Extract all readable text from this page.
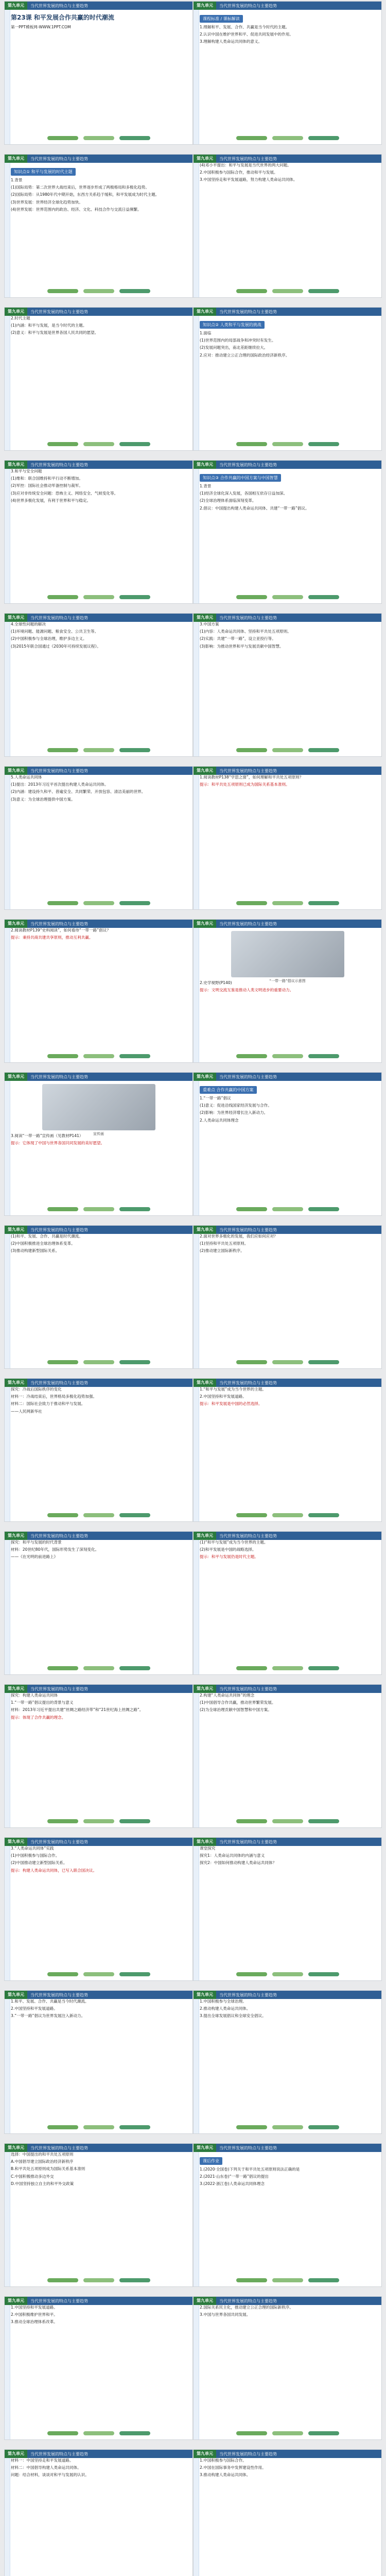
第九单元	当代世界发展的特点与主要趋势
第23课 和平发展合作共赢的时代潮流
第一PPT模板网-WWW.1PPT.COM
第九单元	当代世界发展的特点与主要趋势
课程标准 / 课标解读
1.理解和平、发展、合作、共赢是当今时代的主题。
2.认识中国在维护世界和平、促进共同发展中的作用。
3.理解构建人类命运共同体的意义。
第九单元	当代世界发展的特点与主要趋势
知识点① 和平与发展的时代主题
1.背景
(1)国际局势：第二次世界大战结束后，世界逐步形成了两极格局和多极化趋势。
(2)国际局势：从1980年代中期开始，东西方关系趋于缓和，和平发展成为时代主题。
(3)世界发展：世界经济全球化趋势加快。
(4)世界发展：世界范围内的政治、经济、文化、科技合作与交流日益频繁。
第九单元	当代世界发展的特点与主要趋势
(4)邓小平提出：和平与发展是当代世界的两大问题。
2.中国积极参与国际合作，推动和平与发展。
3.中国坚持走和平发展道路，努力构建人类命运共同体。
第九单元	当代世界发展的特点与主要趋势
2.时代主题
(1)内涵：和平与发展，是当今时代的主题。
(2)意义：和平与发展是世界各国人民共同的愿望。
第九单元	当代世界发展的特点与主要趋势
知识点② 人类和平与发展的挑战
1.面临
(1)世界范围内的局部战争和冲突时有发生。
(2)发展问题突出，南北差距继续拉大。
2.应对：推动建立公正合理的国际政治经济新秩序。
第九单元	当代世界发展的特点与主要趋势
3.和平与安全问题
(1)维和：联合国维持和平行动不断增加。
(2)军控：国际社会推动军备控制与裁军。
(3)应对非传统安全问题：恐怖主义、网络安全、气候变化等。
(4)世界多极化发展，有利于世界和平与稳定。
第九单元	当代世界发展的特点与主要趋势
知识点③ 合作共赢的中国方案与中国智慧
1.背景
(1)经济全球化深入发展，各国相互依存日益加深。
(2)全球治理体系面临深刻变革。
2.倡议：中国提出构建人类命运共同体、共建“一带一路”倡议。
第九单元	当代世界发展的特点与主要趋势
4.全球性问题的解决
(1)环境问题、能源问题、粮食安全、公共卫生等。
(2)中国积极参与全球治理，维护多边主义。
(3)2015年联合国通过《2030年可持续发展议程》。
第九单元	当代世界发展的特点与主要趋势
3.中国方案
(1)内容：人类命运共同体、坚持和平共处五项原则。
(2)实践：共建“一带一路”，设立亚投行等。
(3)影响：为推动世界和平与发展贡献中国智慧。
第九单元	当代世界发展的特点与主要趋势
5.人类命运共同体
(1)提出：2013年习近平首次提出构建人类命运共同体。
(2)内涵：建设持久和平、普遍安全、共同繁荣、开放包容、清洁美丽的世界。
(3)意义：为全球治理提供中国方案。
第九单元	当代世界发展的特点与主要趋势
1.阅读教材P138“学思之窗”，如何理解和平共处五项原则？
提示：和平共处五项原则已成为国际关系基本准则。
第九单元	当代世界发展的特点与主要趋势
2.阅读教材P139“史料阅读”，如何看待“一带一路”倡议？
提示：秉持共商共建共享原则，推动互利共赢。
第九单元	当代世界发展的特点与主要趋势
“一带一路”倡议示意图
2.史学视野(P140)
提示：文明交流互鉴是推动人类文明进步的重要动力。
第九单元	当代世界发展的特点与主要趋势
宣传画
3.阅读“一带一路”宣传画（见教材P141）
提示：它体现了中国与世界各国共同发展的美好愿望。
第九单元	当代世界发展的特点与主要趋势
重难点 合作共赢的中国方案
1.“一带一路”倡议
(1)意义：促进沿线国家经济发展与合作。
(2)影响：为世界经济增长注入新动力。
2.人类命运共同体理念
第九单元	当代世界发展的特点与主要趋势
(1)和平、发展、合作、共赢是时代潮流。
(2)中国积极推进全球治理体系变革。
(3)推动构建新型国际关系。
第九单元	当代世界发展的特点与主要趋势
2.面对世界多极化的发展，我们应如何应对？
(1)坚持和平共处五项原则。
(2)推动建立国际新秩序。
第九单元	当代世界发展的特点与主要趋势
探究：冷战后国际秩序的变化
材料一：冷战结束后，世界格局多极化趋势加强。
材料二：国际社会致力于推动和平与发展。
——人民网新华社
第九单元	当代世界发展的特点与主要趋势
1.“和平与发展”成为当今世界的主题。
2.中国坚持和平发展道路。
提示：和平发展是中国的必然选择。
第九单元	当代世界发展的特点与主要趋势
探究：和平与发展的时代背景
材料：20世纪80年代，国际形势发生了深刻变化。
——《在光明的前进路上》
第九单元	当代世界发展的特点与主要趋势
(1)“和平与发展”成为当今世界的主题。
(2)和平发展是中国的战略选择。
提示：和平与发展仍是时代主题。
第九单元	当代世界发展的特点与主要趋势
探究：构建人类命运共同体
1.“一带一路”倡议提出的背景与意义
材料：2013年习近平提出共建“丝绸之路经济带”和“21世纪海上丝绸之路”。
提示：体现了合作共赢的理念。
第九单元	当代世界发展的特点与主要趋势
2.构建“人类命运共同体”的理念
(1)中国倡导合作共赢，推动世界繁荣发展。
(2)为全球治理贡献中国智慧和中国方案。
第九单元	当代世界发展的特点与主要趋势
3.“人类命运共同体”实践
(1)中国积极参与国际合作。
(2)中国推动建立新型国际关系。
提示：构建人类命运共同体，已写入联合国决议。
第九单元	当代世界发展的特点与主要趋势
课堂探究
探究1：人类命运共同体的内涵与意义
探究2：中国如何推动构建人类命运共同体？
第九单元	当代世界发展的特点与主要趋势
1.和平、发展、合作、共赢是当今时代潮流。
2.中国坚持和平发展道路。
3.“一带一路”倡议为世界发展注入新动力。
第九单元	当代世界发展的特点与主要趋势
1.中国积极参与全球治理。
2.推动构建人类命运共同体。
3.提出全球发展倡议和全球安全倡议。
第九单元	当代世界发展的特点与主要趋势
选择：中国提出的和平共处五项原则
A.中国倡导建立国际政治经济新秩序
B.和平共处五项原则成为国际关系基本准则
C.中国积极推动多边外交
D.中国坚持独立自主的和平外交政策
第九单元	当代世界发展的特点与主要趋势
课后作业
1.(2020·全国卷)下列关于和平共处五项原则说法正确的是
2.(2021·山东卷)“一带一路”倡议的提出
3.(2022·浙江卷)人类命运共同体理念
第九单元	当代世界发展的特点与主要趋势
1.中国坚持和平发展道路。
2.中国积极维护世界和平。
3.推动全球治理体系改革。
第九单元	当代世界发展的特点与主要趋势
2.国际关系民主化，推动建立公正合理的国际新秩序。
3.中国与世界各国共同发展。
第九单元	当代世界发展的特点与主要趋势
材料一：中国坚持走和平发展道路。
材料二：中国倡导构建人类命运共同体。
问题：结合材料，谈谈对和平与发展的认识。
第九单元	当代世界发展的特点与主要趋势
1.中国积极参与国际合作。
2.中国在国际事务中发挥建设性作用。
3.推动构建人类命运共同体。
